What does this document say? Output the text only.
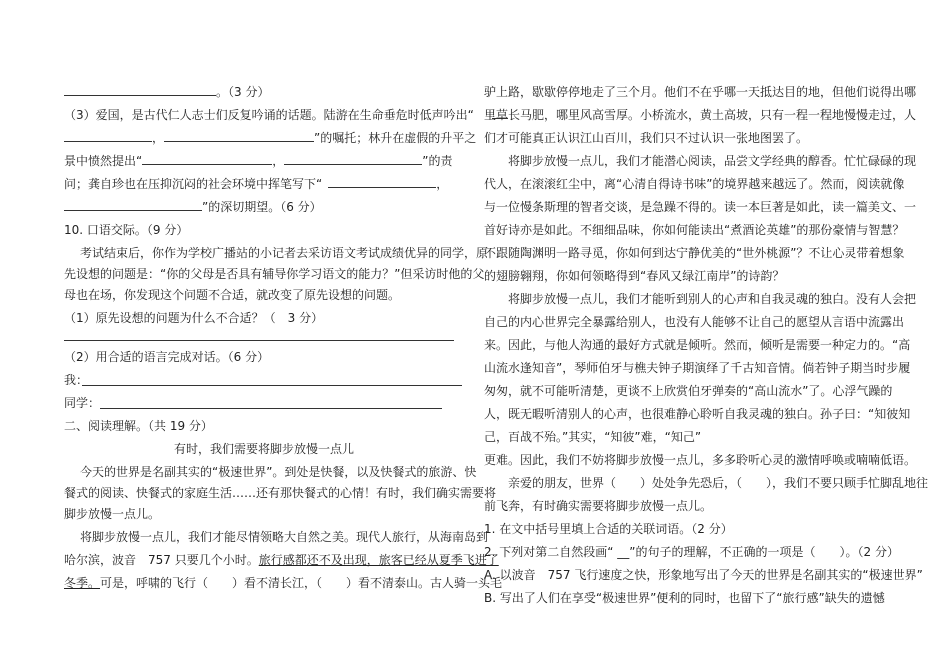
。（3 分）
（3）爱国，是古代仁人志士们反复吟诵的话题。陆游在生命垂危时低声吟出“
，	”的嘱托；林升在虚假的升平之
景中愤然提出“	，	”的责
问；龚自珍也在压抑沉闷的社会环境中挥笔写下“	，
”的深切期望。（6 分）
10. 口语交际。（9 分）
考试结束后，你作为学校广播站的小记者去采访语文考试成绩优异的同学，原
先设想的问题是：“你的父母是否具有辅导你学习语文的能力？”但采访时他的父
母也在场，你发现这个问题不合适，就改变了原先设想的问题。
（1）原先设想的问题为什么不合适？（　3 分）
（2）用合适的语言完成对话。（6 分）
我：
同学：
二、阅读理解。（共 19 分）
有时，我们需要将脚步放慢一点儿
今天的世界是名副其实的“极速世界”。到处是快餐，以及快餐式的旅游、快
餐式的阅读、快餐式的家庭生活……还有那快餐式的心情！有时，我们确实需要将
脚步放慢一点儿。
将脚步放慢一点儿，我们才能尽情领略大自然之美。现代人旅行，从海南岛到
哈尔滨，波音　757 只要几个小时。旅行感都还不及出现，旅客已经从夏季飞进了
冬季。可是，呼啸的飞行（　　）看不清长江，（　　）看不清泰山。古人骑一头毛
驴上路，歇歇停停地走了三个月。他们不在乎哪一天抵达目的地，但他们说得出哪
里草长马肥，哪里风高雪厚。小桥流水，黄土高坡，只有一程一程地慢慢走过，人
们才可能真正认识江山百川，我们只不过认识一张地图罢了。
将脚步放慢一点儿，我们才能潜心阅读，品尝文学经典的醇香。忙忙碌碌的现
代人，在滚滚红尘中，离“心清自得诗书味”的境界越来越远了。然而，阅读就像
与一位慢条斯理的智者交谈，是急躁不得的。读一本巨著是如此，读一篇美文、一
首好诗亦是如此。不细细品味，你如何能读出“煮酒论英雄”的那份豪情与智慧？
不跟随陶渊明一路寻觅，你如何到达宁静优美的“世外桃源”？不让心灵带着想象
的翅膀翱翔，你如何领略得到“春风又绿江南岸”的诗韵？
将脚步放慢一点儿，我们才能听到别人的心声和自我灵魂的独白。没有人会把
自己的内心世界完全暴露给别人，也没有人能够不让自己的愿望从言语中流露出
来。因此，与他人沟通的最好方式就是倾听。然而，倾听是需要一种定力的。“高
山流水逢知音”，琴师伯牙与樵夫钟子期演绎了千古知音情。倘若钟子期当时步履
匆匆，就不可能听清楚，更谈不上欣赏伯牙弹奏的“高山流水”了。心浮气躁的
人，既无暇听清别人的心声，也很难静心聆听自我灵魂的独白。孙子曰：“知彼知
己，百战不殆。”其实，“知彼”难，“知己”
更难。因此，我们不妨将脚步放慢一点儿，多多聆听心灵的激情呼唤或喃喃低语。
亲爱的朋友，世界（　　）处处争先恐后，（　　），我们不要只顾手忙脚乱地往
前飞奔，有时确实需要将脚步放慢一点儿。
1. 在文中括号里填上合适的关联词语。（2 分）
2. 下列对第二自然段画“ __”的句子的理解，不正确的一项是（　　）。（2 分）
A. 以波音　757 飞行速度之快，形象地写出了今天的世界是名副其实的“极速世界”
B. 写出了人们在享受“极速世界”便利的同时，也留下了“旅行感”缺失的遗憾
